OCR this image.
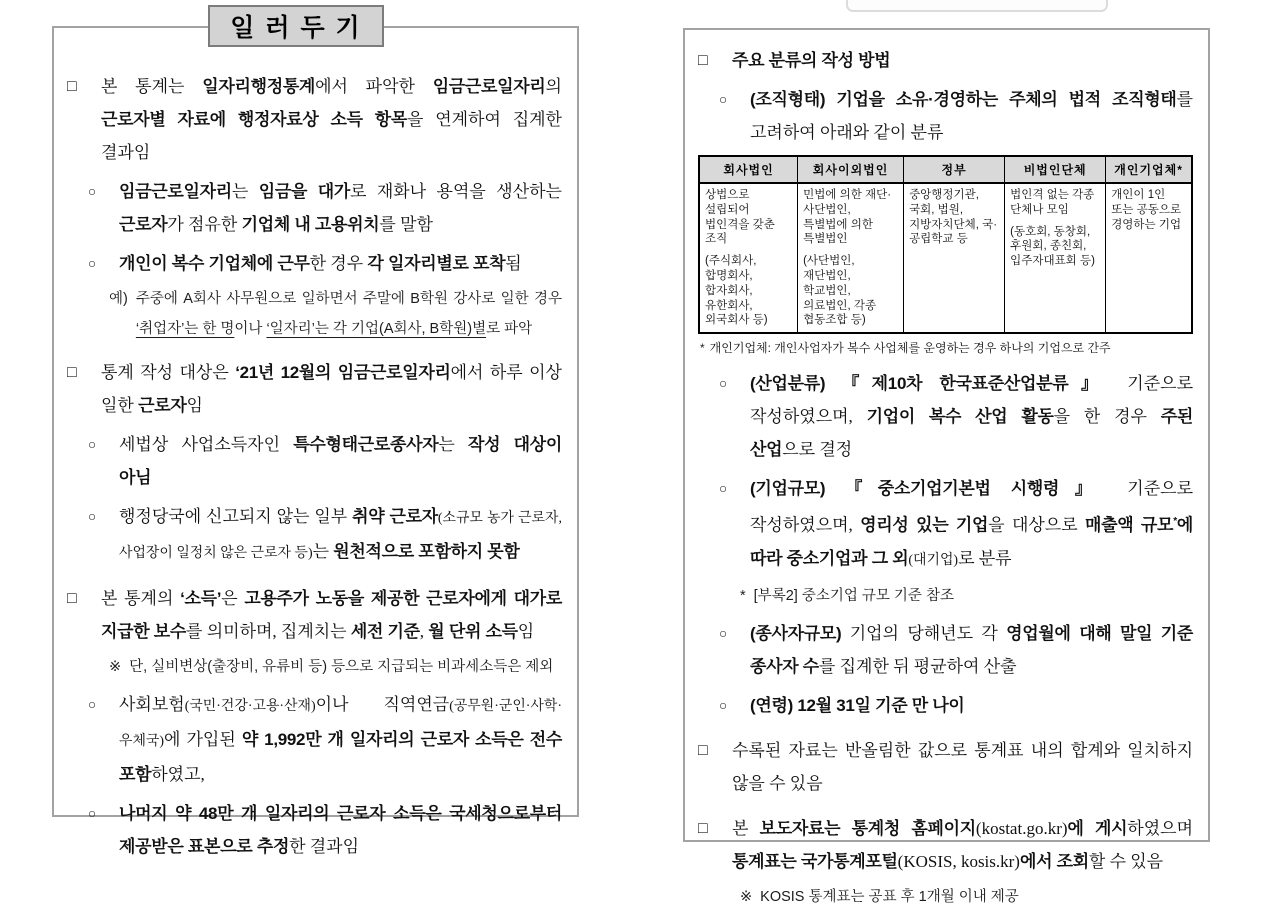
일 러 두 기
□	본 통계는 일자리행정통계에서 파악한 임금근로일자리의 근로자별 자료에 행정자료상 소득 항목을 연계하여 집계한 결과임
○	임금근로일자리는 임금을 대가로 재화나 용역을 생산하는 근로자가 점유한 기업체 내 고용위치를 말함
○	개인이 복수 기업체에 근무한 경우 각 일자리별로 포착됨
예) 주중에 A회사 사무원으로 일하면서 주말에 B학원 강사로 일한 경우 ‘취업자’는 한 명이나 ‘일자리’는 각 기업(A회사, B학원)별로 파악
□	통계 작성 대상은 ‘21년 12월의 임금근로일자리에서 하루 이상 일한 근로자임
○	세법상 사업소득자인 특수형태근로종사자는 작성 대상이 아님
○	행정당국에 신고되지 않는 일부 취약 근로자(소규모 농가 근로자, 사업장이 일정치 않은 근로자 등)는 원천적으로 포함하지 못함
□	본 통계의 ‘소득’은 고용주가 노동을 제공한 근로자에게 대가로 지급한 보수를 의미하며, 집계치는 세전 기준, 월 단위 소득임
※ 단, 실비변상(출장비, 유류비 등) 등으로 지급되는 비과세소득은 제외
○	사회보험(국민·건강·고용·산재)이나 직역연금(공무원·군인·사학·우체국)에 가입된 약 1,992만 개 일자리의 근로자 소득은 전수 포함하였고,
○	나머지 약 48만 개 일자리의 근로자 소득은 국세청으로부터 제공받은 표본으로 추정한 결과임
□	주요 분류의 작성 방법
○	(조직형태) 기업을 소유·경영하는 주체의 법적 조직형태를 고려하여 아래와 같이 분류
회사법인	회사이외법인	정부	비법인단체	개인기업체*

상법으로 설립되어 법인격을 갖춘 조직
(주식회사, 합명회사, 합자회사, 유한회사, 외국회사 등)

민법에 의한 재단· 사단법인, 특별법에 의한 특별법인
(사단법인, 재단법인, 학교법인, 의료법인, 각종 협동조합 등)

중앙행정기관, 국회, 법원, 지방자치단체, 국·공립학교 등

법인격 없는 각종 단체나 모임
(동호회, 동창회, 후원회, 종친회, 입주자대표회 등)

개인이 1인 또는 공동으로 경영하는 기업
* 개인기업체: 개인사업자가 복수 사업체를 운영하는 경우 하나의 기업으로 간주
○	(산업분류) 『제10차 한국표준산업분류』 기준으로 작성하였으며, 기업이 복수 산업 활동을 한 경우 주된 산업으로 결정
○	(기업규모) 『중소기업기본법 시행령』 기준으로 작성하였으며, 영리성 있는 기업을 대상으로 매출액 규모*에 따라 중소기업과 그 외(대기업)로 분류
* [부록2] 중소기업 규모 기준 참조
○	(종사자규모) 기업의 당해년도 각 영업월에 대해 말일 기준 종사자 수를 집계한 뒤 평균하여 산출
○	(연령) 12월 31일 기준 만 나이
□	수록된 자료는 반올림한 값으로 통계표 내의 합계와 일치하지 않을 수 있음
□	본 보도자료는 통계청 홈페이지(kostat.go.kr)에 게시하였으며 통계표는 국가통계포털(KOSIS, kosis.kr)에서 조회할 수 있음
※ KOSIS 통계표는 공표 후 1개월 이내 제공
